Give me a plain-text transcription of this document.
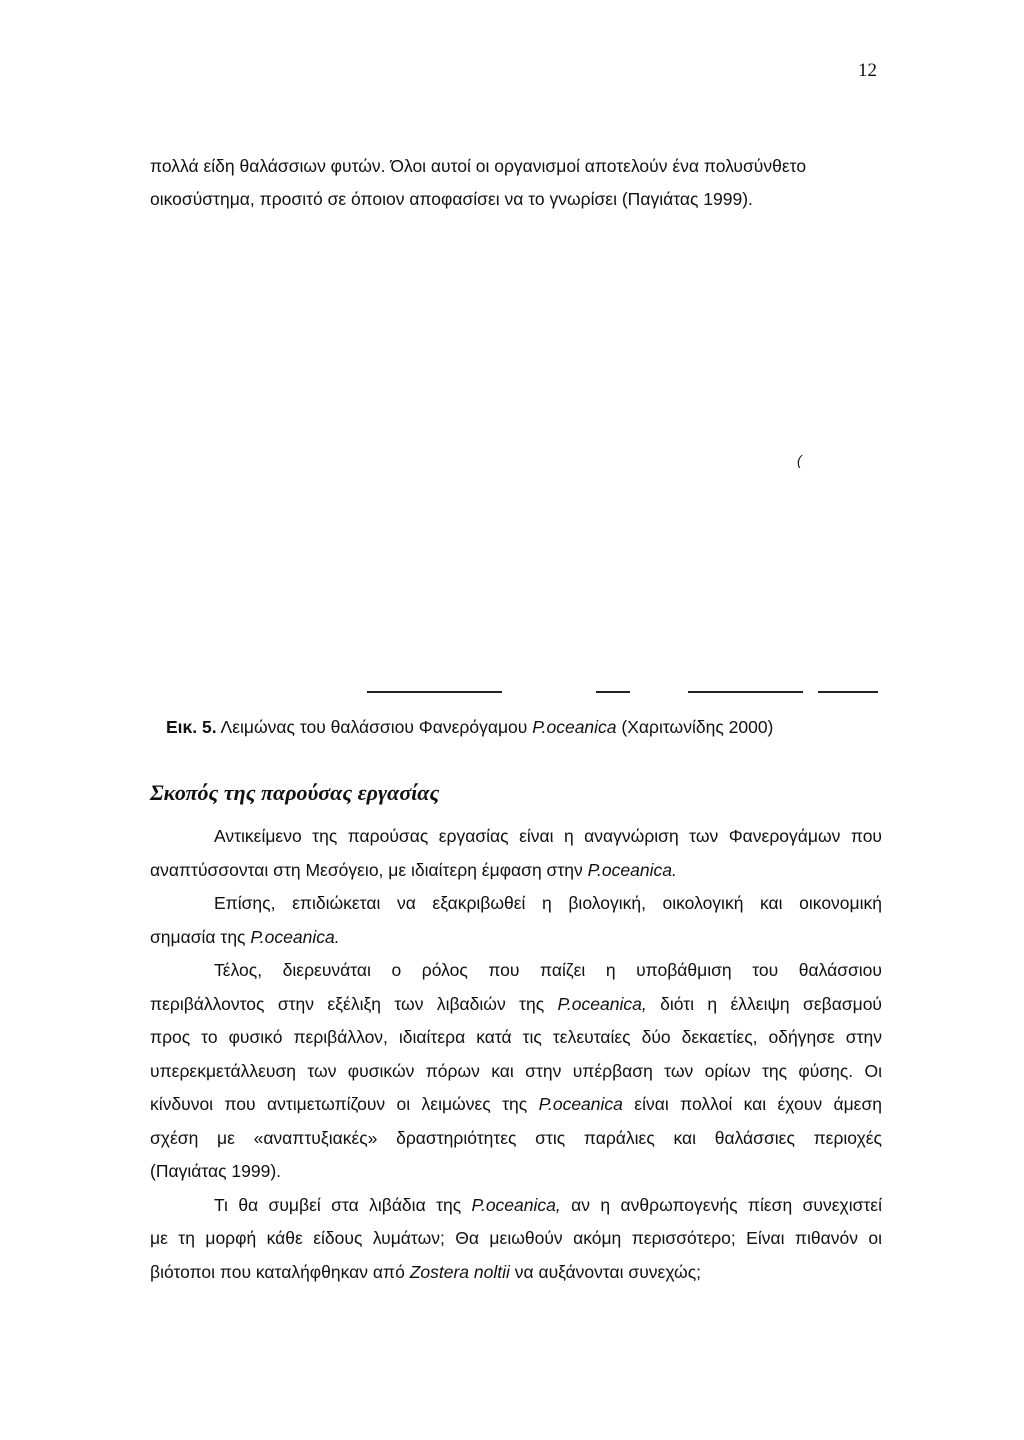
12
πολλά είδη θαλάσσιων φυτών. Όλοι αυτοί οι οργανισμοί αποτελούν ένα πολυσύνθετο
οικοσύστημα, προσιτό σε όποιον αποφασίσει να το γνωρίσει (Παγιάτας 1999).
(
Εικ. 5. Λειμώνας του θαλάσσιου Φανερόγαμου P.oceanica (Χαριτωνίδης 2000)
Σκοπός της παρούσας εργασίας
Αντικείμενο της παρούσας εργασίας είναι η αναγνώριση των Φανερογάμων που
αναπτύσσονται στη Μεσόγειο, με ιδιαίτερη έμφαση στην P.oceanica.
Επίσης, επιδιώκεται να εξακριβωθεί η βιολογική, οικολογική και οικονομική
σημασία της P.oceanica.
Τέλος, διερευνάται ο ρόλος που παίζει η υποβάθμιση του θαλάσσιου
περιβάλλοντος στην εξέλιξη των λιβαδιών της P.oceanica, διότι η έλλειψη σεβασμού
προς το φυσικό περιβάλλον, ιδιαίτερα κατά τις τελευταίες δύο δεκαετίες, οδήγησε στην
υπερεκμετάλλευση των φυσικών πόρων και στην υπέρβαση των ορίων της φύσης. Οι
κίνδυνοι που αντιμετωπίζουν οι λειμώνες της P.oceanica είναι πολλοί και έχουν άμεση
σχέση με «αναπτυξιακές» δραστηριότητες στις παράλιες και θαλάσσιες περιοχές
(Παγιάτας 1999).
Τι θα συμβεί στα λιβάδια της P.oceanica, αν η ανθρωπογενής πίεση συνεχιστεί
με τη μορφή κάθε είδους λυμάτων; Θα μειωθούν ακόμη περισσότερο; Είναι πιθανόν οι
βιότοποι που καταλήφθηκαν από Zostera noltii να αυξάνονται συνεχώς;
